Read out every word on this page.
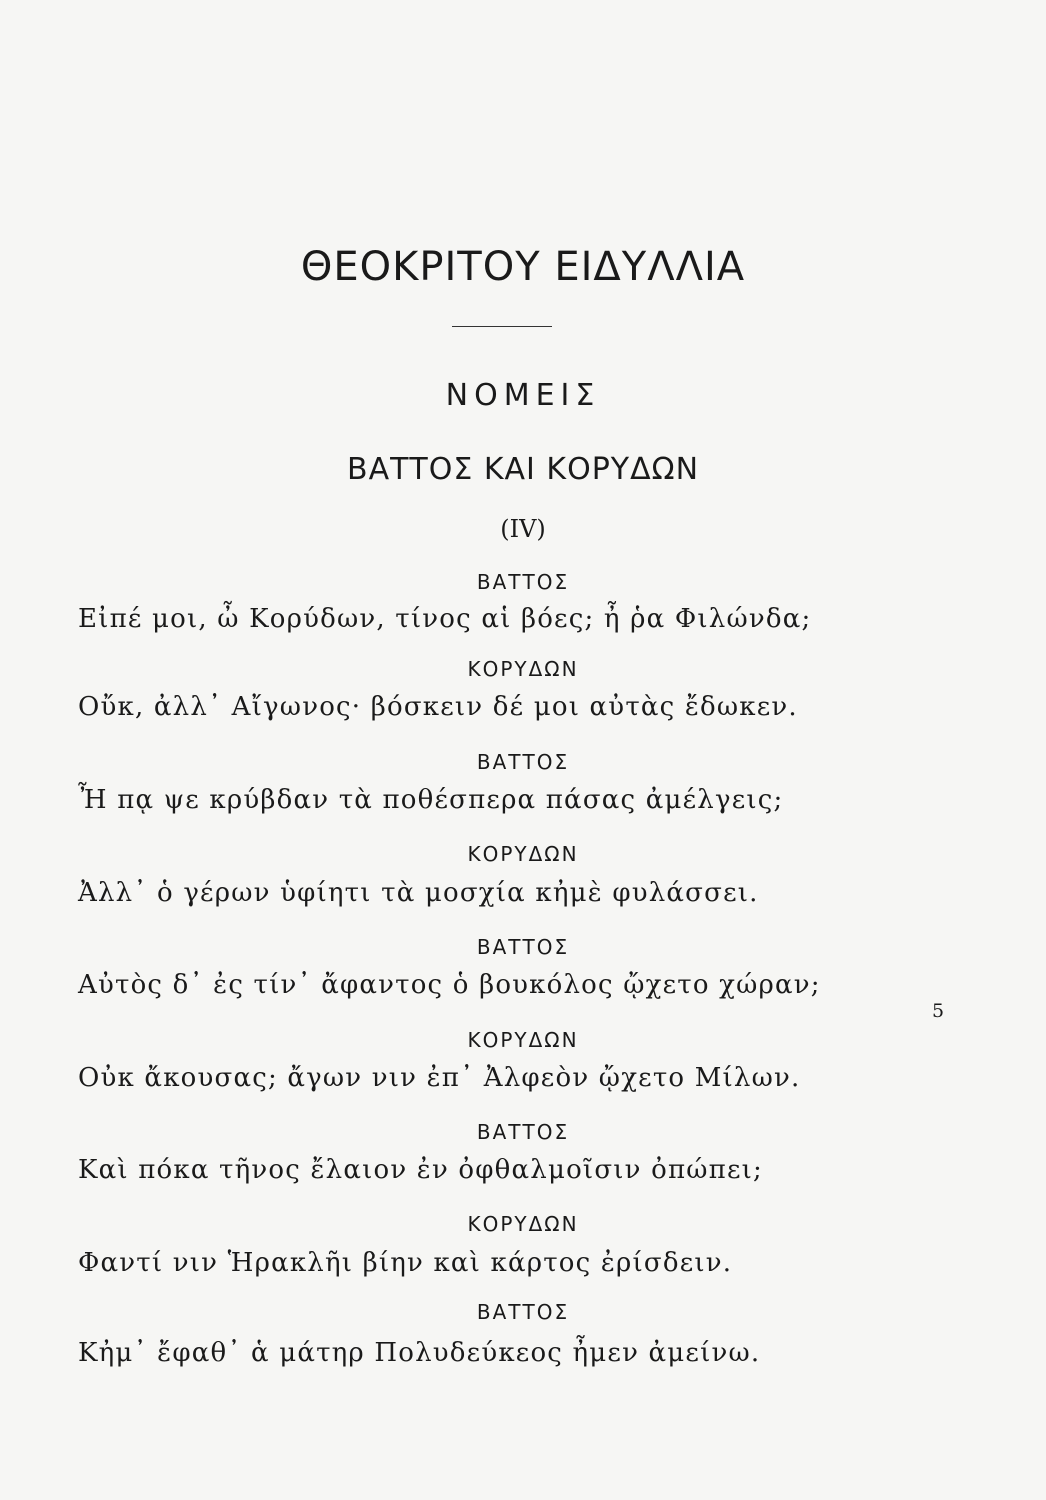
ΘΕΟΚΡΙΤΟΥ ΕΙΔΥΛΛΙΑ
ΝΟΜΕΙΣ
ΒΑΤΤΟΣ ΚΑΙ ΚΟΡΥΔΩΝ
(IV)
ΒΑΤΤΟΣ
Εἰπέ μοι, ὦ Κορύδων, τίνος αἱ βόες; ἦ ῥα Φιλώνδα;
ΚΟΡΥΔΩΝ
Οὔκ, ἀλλ᾽ Αἴγωνος· βόσκειν δέ μοι αὐτὰς ἔδωκεν.
ΒΑΤΤΟΣ
Ἦ πᾳ ψε κρύβδαν τὰ ποθέσπερα πάσας ἀμέλγεις;
ΚΟΡΥΔΩΝ
Ἀλλ᾽ ὁ γέρων ὑφίητι τὰ μοσχία κἠμὲ φυλάσσει.
ΒΑΤΤΟΣ
Αὐτὸς δ᾽ ἐς τίν᾽ ἄφαντος ὁ βουκόλος ᾤχετο χώραν;
ΚΟΡΥΔΩΝ
Οὐκ ἄκουσας; ἄγων νιν ἐπ᾽ Ἀλφεὸν ᾤχετο Μίλων.
ΒΑΤΤΟΣ
Καὶ πόκα τῆνος ἔλαιον ἐν ὀφθαλμοῖσιν ὀπώπει;
ΚΟΡΥΔΩΝ
Φαντί νιν Ἡρακλῆι βίην καὶ κάρτος ἐρίσδειν.
ΒΑΤΤΟΣ
Κἠμ᾽ ἔφαθ᾽ ἁ μάτηρ Πολυδεύκεος ἦμεν ἀμείνω.
5
